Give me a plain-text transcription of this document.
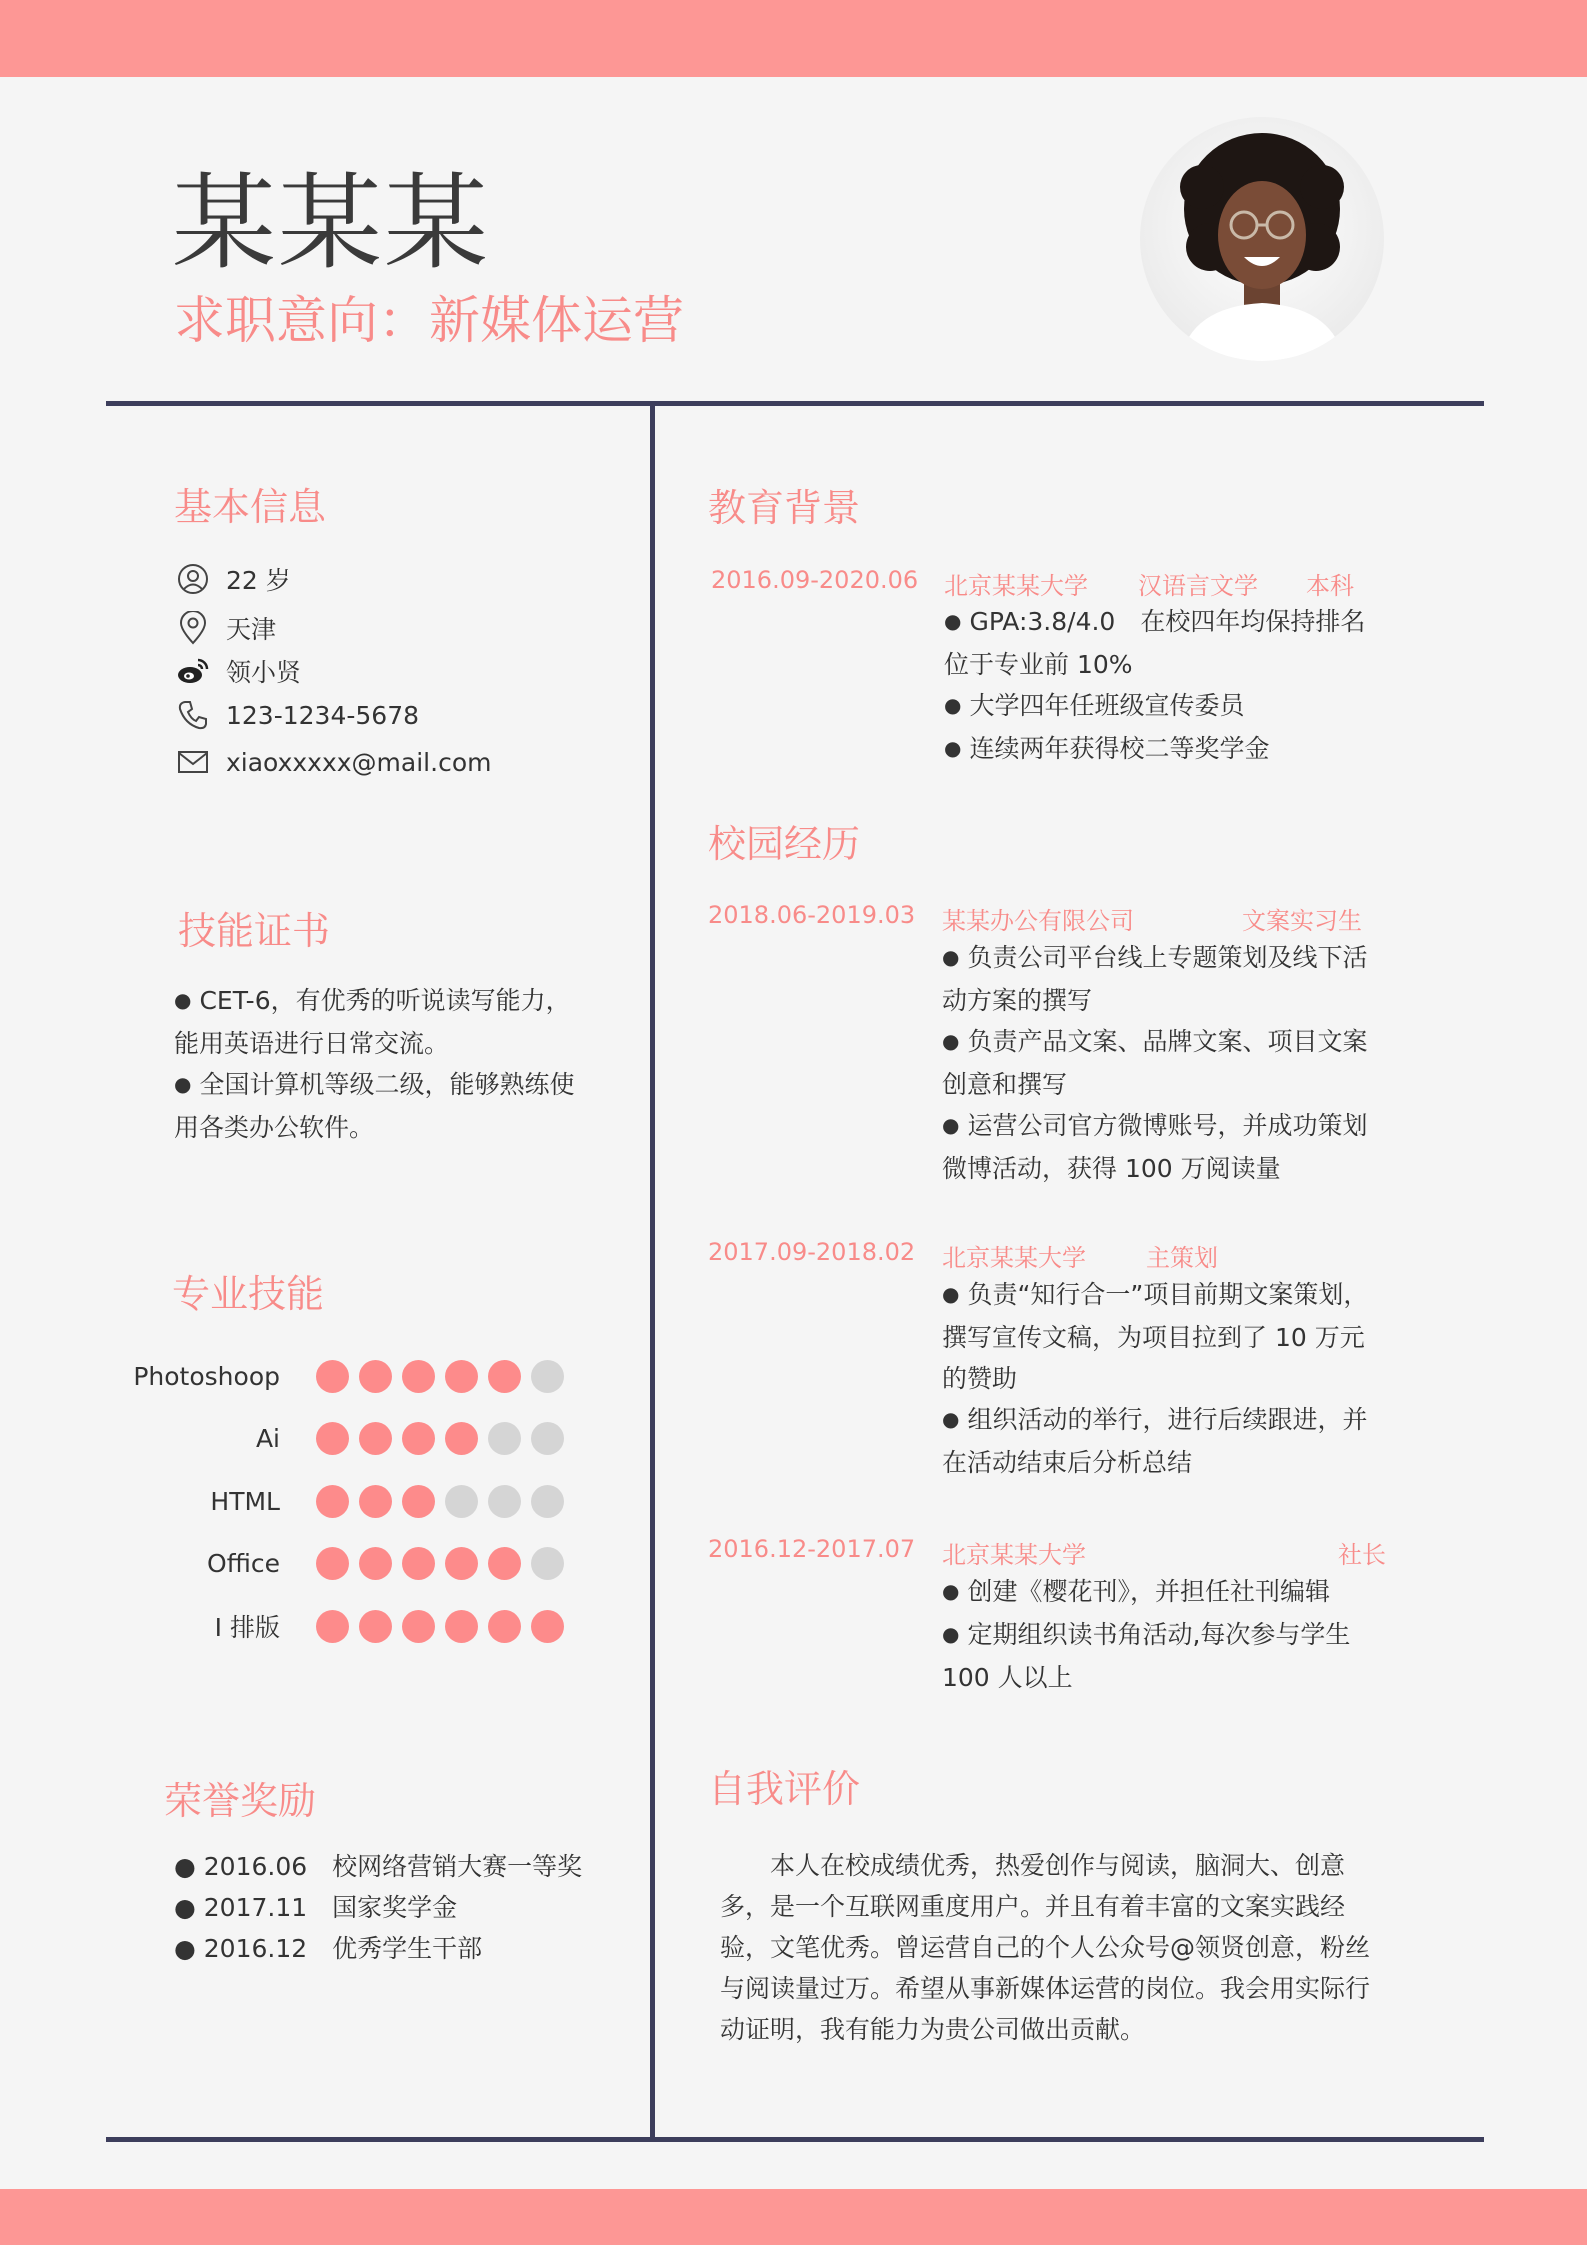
某某某
求职意向：新媒体运营
基本信息
22 岁
天津
领小贤
123-1234-5678
xiaoxxxxx@mail.com
技能证书
● CET-6，有优秀的听说读写能力，能用英语进行日常交流。
● 全国计算机等级二级，能够熟练使用各类办公软件。
专业技能
Photoshoop
Ai
HTML
Office
I 排版
荣誉奖励
● 2016.06　 校网络营销大赛一等奖
● 2017.11　 国家奖学金
● 2016.12　 优秀学生干部
教育背景
2016.09-2020.06 北京某某大学 汉语言文学 本科
● GPA:3.8/4.0　在校四年均保持排名位于专业前 10%
● 大学四年任班级宣传委员
● 连续两年获得校二等奖学金
校园经历
2018.06-2019.03 某某办公有限公司	文案实习生
● 负责公司平台线上专题策划及线下活动方案的撰写
● 负责产品文案、品牌文案、项目文案创意和撰写
● 运营公司官方微博账号，并成功策划微博活动，获得 100 万阅读量
2017.09-2018.02 北京某某大学	主策划
● 负责“知行合一”项目前期文案策划，撰写宣传文稿，为项目拉到了 10 万元的赞助
● 组织活动的举行，进行后续跟进，并在活动结束后分析总结
2016.12-2017.07 北京某某大学	社长
● 创建《樱花刊》，并担任社刊编辑
● 定期组织读书角活动,每次参与学生 100 人以上
自我评价
　　本人在校成绩优秀，热爱创作与阅读，脑洞大、创意多，是一个互联网重度用户。并且有着丰富的文案实践经验，文笔优秀。曾运营自己的个人公众号@领贤创意，粉丝与阅读量过万。希望从事新媒体运营的岗位。我会用实际行动证明，我有能力为贵公司做出贡献。
